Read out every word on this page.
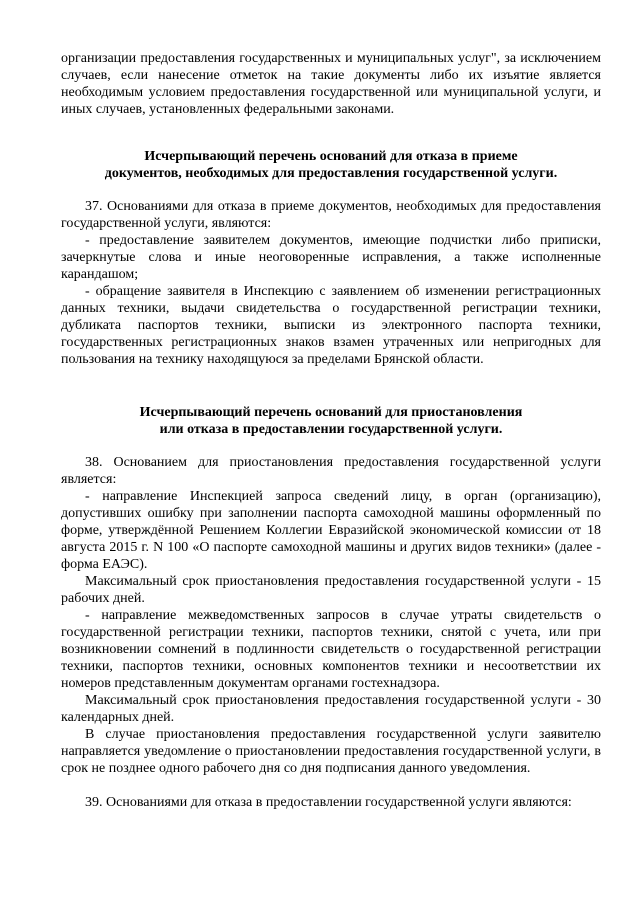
организации предоставления государственных и муниципальных услуг", за исключением случаев, если нанесение отметок на такие документы либо их изъятие является необходимым условием предоставления государственной или муниципальной услуги, и иных случаев, установленных федеральными законами.

Исчерпывающий перечень оснований для отказа в приеме
документов, необходимых для предоставления государственной услуги.

37. Основаниями для отказа в приеме документов, необходимых для предоставления государственной услуги, являются:

- предоставление заявителем документов, имеющие подчистки либо приписки, зачеркнутые слова и иные неоговоренные исправления, а также исполненные карандашом;

- обращение заявителя в Инспекцию с заявлением об изменении регистрационных данных техники, выдачи свидетельства о государственной регистрации техники, дубликата паспортов техники, выписки из электронного паспорта техники, государственных регистрационных знаков взамен утраченных или непригодных для пользования на технику находящуюся за пределами Брянской области.

Исчерпывающий перечень оснований для приостановления
или отказа в предоставлении государственной услуги.

38. Основанием для приостановления предоставления государственной услуги является:

- направление Инспекцией запроса сведений лицу, в орган (организацию), допустивших ошибку при заполнении паспорта самоходной машины оформленный по форме, утверждённой Решением Коллегии Евразийской экономической комиссии от 18 августа 2015 г. N 100 «О паспорте самоходной машины и других видов техники» (далее - форма ЕАЭС).

Максимальный срок приостановления предоставления государственной услуги - 15 рабочих дней.

- направление межведомственных запросов в случае утраты свидетельств о государственной регистрации техники, паспортов техники, снятой с учета, или при возникновении сомнений в подлинности свидетельств о государственной регистрации техники, паспортов техники, основных компонентов техники и несоответствии их номеров представленным документам органами гостехнадзора.

Максимальный срок приостановления предоставления государственной услуги - 30 календарных дней.

В случае приостановления предоставления государственной услуги заявителю направляется уведомление о приостановлении предоставления государственной услуги, в срок не позднее одного рабочего дня со дня подписания данного уведомления.

39. Основаниями для отказа в предоставлении государственной услуги являются:
